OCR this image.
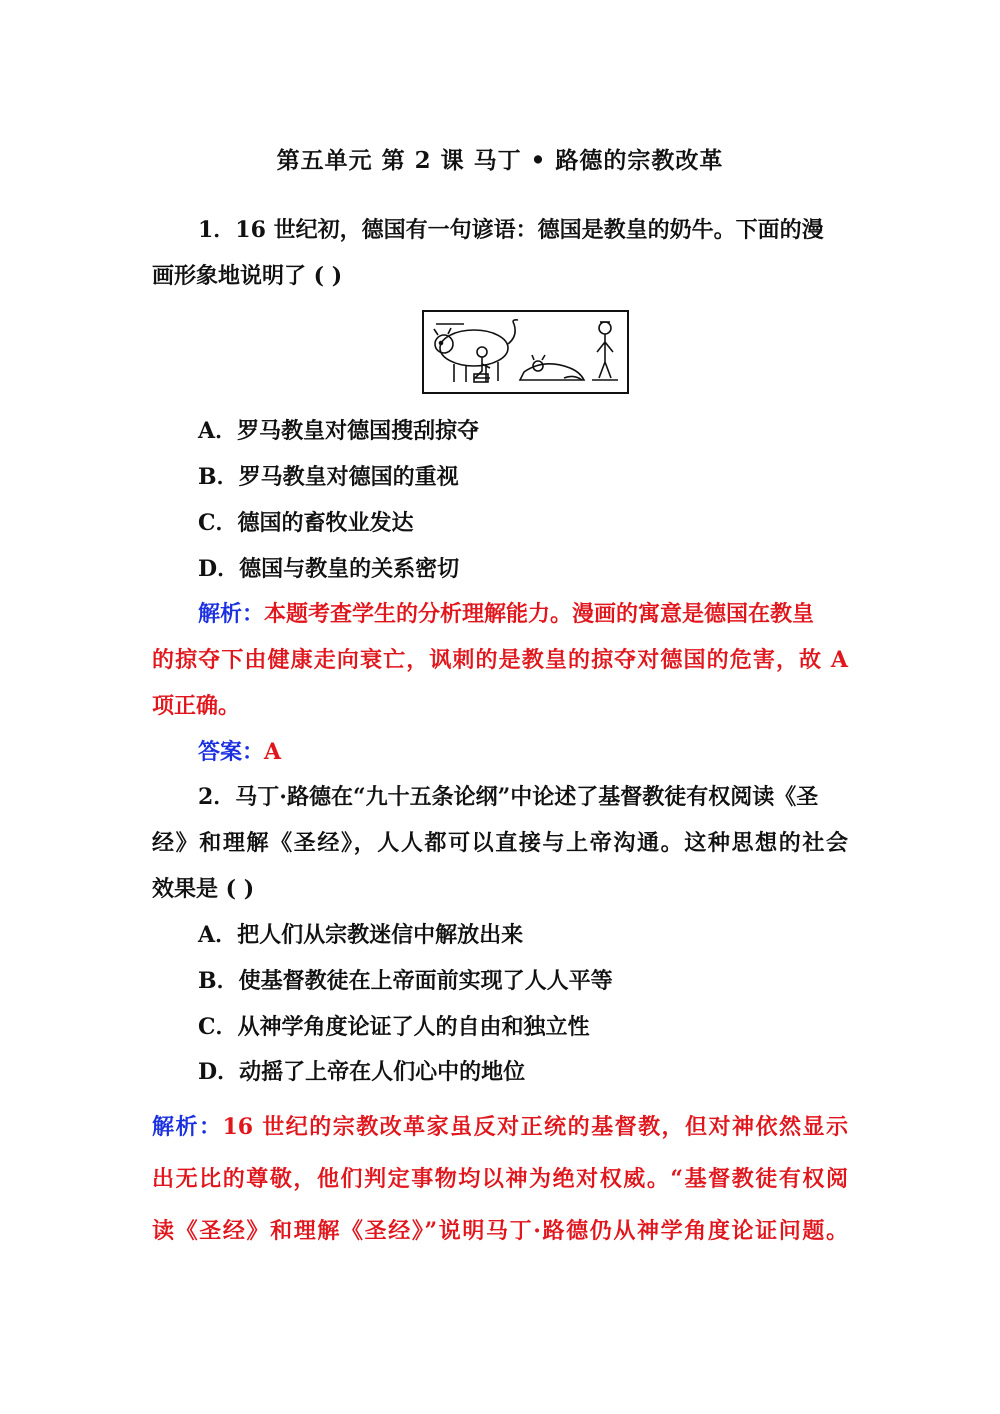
第五单元 第 2 课 马丁 • 路德的宗教改革
1．16 世纪初，德国有一句谚语：德国是教皇的奶牛。下面的漫
画形象地说明了 ( )
A．罗马教皇对德国搜刮掠夺
B．罗马教皇对德国的重视
C．德国的畜牧业发达
D．德国与教皇的关系密切
解析：本题考查学生的分析理解能力。漫画的寓意是德国在教皇
的掠夺下由健康走向衰亡，讽刺的是教皇的掠夺对德国的危害，故 A
项正确。
答案：A
2．马丁·路德在“九十五条论纲”中论述了基督教徒有权阅读《圣
经》和理解《圣经》，人人都可以直接与上帝沟通。这种思想的社会
效果是 ( )
A．把人们从宗教迷信中解放出来
B．使基督教徒在上帝面前实现了人人平等
C．从神学角度论证了人的自由和独立性
D．动摇了上帝在人们心中的地位
解析：16 世纪的宗教改革家虽反对正统的基督教，但对神依然显示
出无比的尊敬，他们判定事物均以神为绝对权威。“基督教徒有权阅
读《圣经》和理解《圣经》”说明马丁·路德仍从神学角度论证问题。
